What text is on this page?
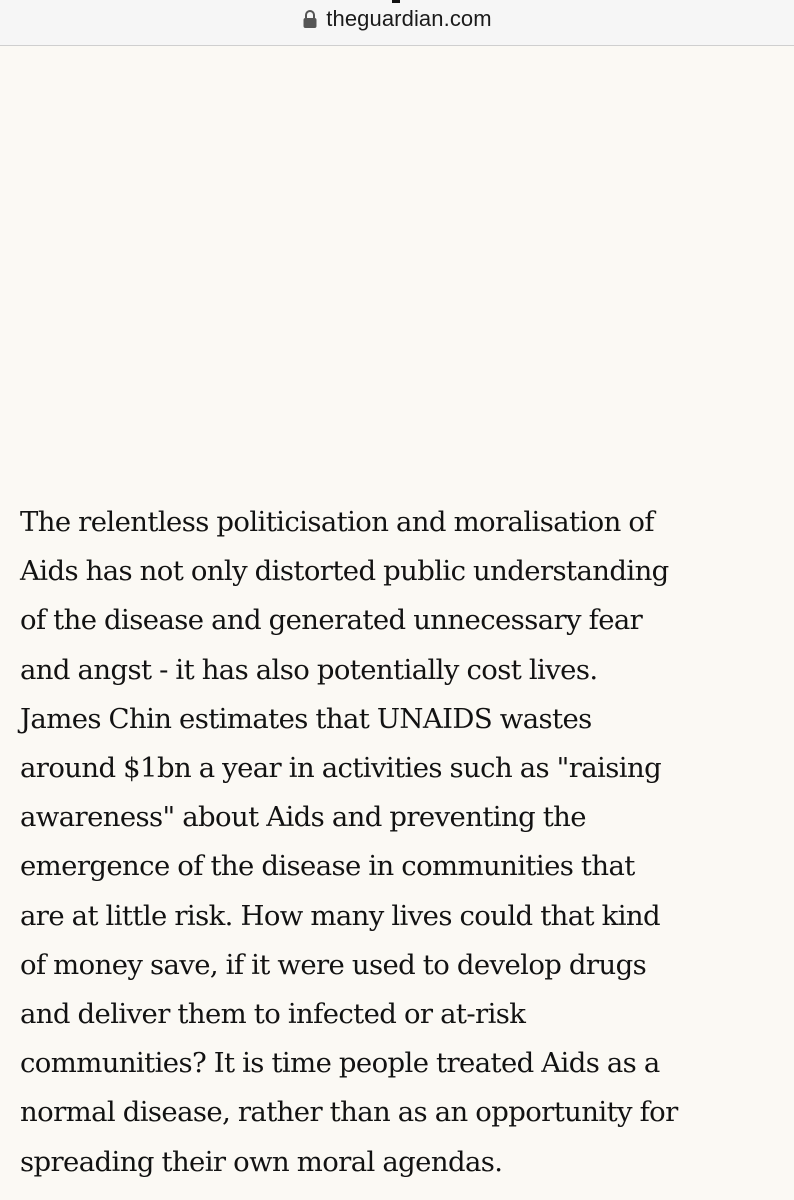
theguardian.com

The relentless politicisation and moralisation of
Aids has not only distorted public understanding
of the disease and generated unnecessary fear
and angst - it has also potentially cost lives.
James Chin estimates that UNAIDS wastes
around $1bn a year in activities such as "raising
awareness" about Aids and preventing the
emergence of the disease in communities that
are at little risk. How many lives could that kind
of money save, if it were used to develop drugs
and deliver them to infected or at-risk
communities? It is time people treated Aids as a
normal disease, rather than as an opportunity for
spreading their own moral agendas.
